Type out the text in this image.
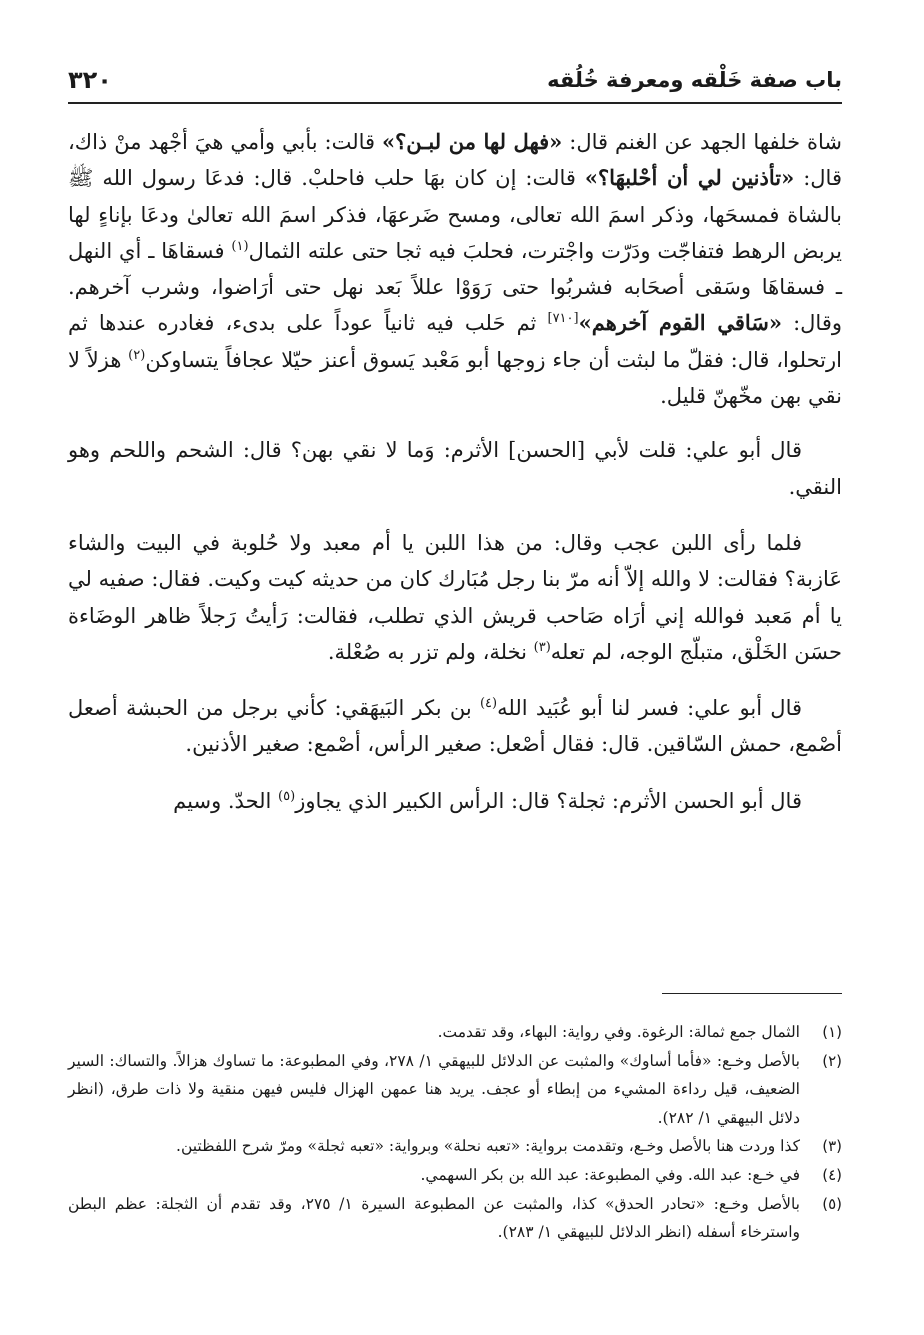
باب صفة خَلْقه ومعرفة خُلُقه
٣٢٠

شاة خلفها الجهد عن الغنم قال: «فهل لها من لبـن؟» قالت: بأبي وأمي هيَ أجْهد منْ ذاك، قال: «تأذنين لي أن أحْلبهَا؟» قالت: إن كان بهَا حلب فاحلبْ. قال: فدعَا رسول الله ﷺ بالشاة فمسحَها، وذكر اسمَ الله تعالى، ومسح ضَرعهَا، فذكر اسمَ الله تعالىٰ ودعَا بإناءٍ لها يربض الرهط فتفاجّت ودَرّت واجْترت، فحلبَ فيه ثجا حتى علته الثمال$^{(١)}$ فسقاهَا ـ أي النهل ـ فسقاهَا وسَقى أصحَابه فشربُوا حتى رَوَوْا عللاً بَعد نهل حتى أرَاضوا، وشرب آخرهم. وقال: «سَاقي القوم آخرهم»[٧١٠] ثم حَلب فيه ثانياً عوداً على بدىء، فغادره عندها ثم ارتحلوا، قال: فقلّ ما لبثت أن جاء زوجها أبو مَعْبد يَسوق أعنز حيّلا عجافاً يتساوكن$^{(٢)}$ هزلاً لا نقي بهن مخّهنّ قليل.

قال أبو علي: قلت لأبي [الحسن] الأثرم: وَما لا نقي بهن؟ قال: الشحم واللحم وهو النقي.

فلما رأى اللبن عجب وقال: من هذا اللبن يا أم معبد ولا حُلوبة في البيت والشاء عَازبة؟ فقالت: لا والله إلاّ أنه مرّ بنا رجل مُبَارك كان من حديثه كيت وكيت. فقال: صفيه لي يا أم مَعبد فوالله إني أرَاه صَاحب قريش الذي تطلب، فقالت: رَأيتُ رَجلاً ظاهر الوضَاءة حسَن الخَلْق، متبلّج الوجه، لم تعله$^{(٣)}$ نخلة، ولم تزر به صُعْلة.

قال أبو علي: فسر لنا أبو عُبَيد الله$^{(٤)}$ بن بكر البَيهَقي: كأني برجل من الحبشة أصعل أصْمع، حمش السّاقين. قال: فقال أصْعل: صغير الرأس، أصْمع: صغير الأذنين.

قال أبو الحسن الأثرم: ثجلة؟ قال: الرأس الكبير الذي يجاوز$^{(٥)}$ الحدّ. وسيم

(١)
الثمال جمع ثمالة: الرغوة. وفي رواية: البهاء، وقد تقدمت.
(٢)
بالأصل وخـع: «فأما أساوك» والمثبت عن الدلائل للبيهقي ١/ ٢٧٨، وفي المطبوعة: ما تساوك هزالاً. والتساك: السير الضعيف، قيل رداءة المشيء من إبطاء أو عجف. يريد هنا عمهن الهزال فليس فيهن منقية ولا ذات طرق، (انظر دلائل البيهقي ١/ ٢٨٢).
(٣)
كذا وردت هنا بالأصل وخـع، وتقدمت برواية: «تعبه نحلة» وبرواية: «تعبه ثجلة» ومرّ شرح اللفظتين.
(٤)
في خـع: عبد الله. وفي المطبوعة: عبد الله بن بكر السهمي.
(٥)
بالأصل وخـع: «تحادر الحدق» كذا، والمثبت عن المطبوعة السيرة ١/ ٢٧٥، وقد تقدم أن الثجلة: عظم البطن واسترخاء أسفله (انظر الدلائل للبيهقي ١/ ٢٨٣).
